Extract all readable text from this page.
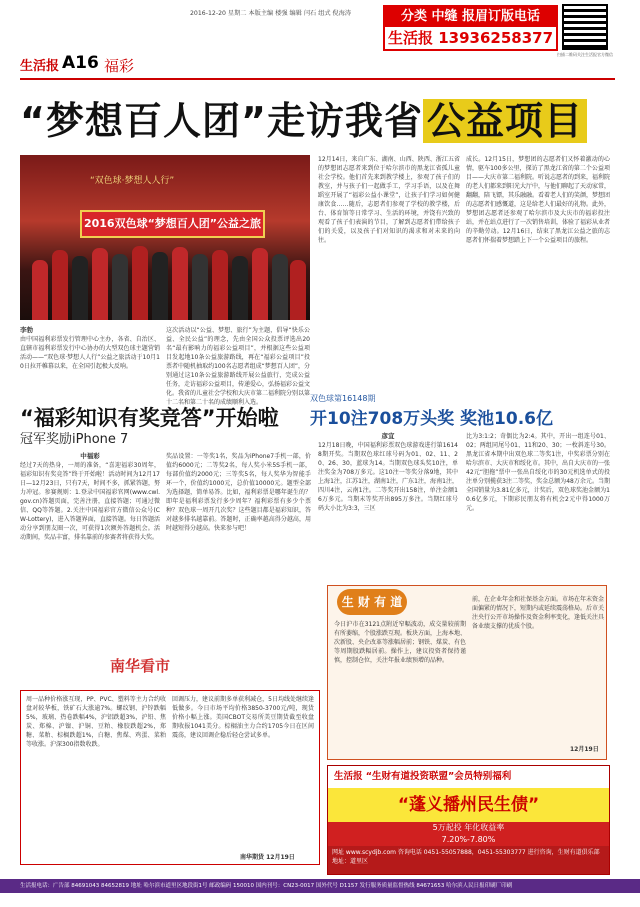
2016-12-20 星期二 本版主编 楼强 编辑 闫石 组式 倪海涛	分类 中缝 报眉订版电话
生活报 13936258377
扫描二维码关注生活报官方微信
生活报 A16 福彩
“梦想百人团”走访我省 公益项目
“双色球·梦想人人行”
2016双色球“梦想百人团”公益之旅
李勃
由中国福利彩票发行管理中心主办，各省、自治区、直辖市福利彩票发行中心协办的大型双色球主题营销活动——“双色球·梦想人人行”公益之旅活动于10月10日拉开帷幕以来，在全国引起极大反响。
这次活动以“公益、梦想、旅行”为主题，倡导“快乐公益、全民公益”的理念，先由全国公众投票评选出20名“最有影响力的福彩公益项目”，并根据这些公益项目发起地10条公益旅游路线，再在“福彩公益项目”投票者中随机抽取约100名志愿者组成“梦想百人团”，分别通过这10条公益旅游路线开展公益旅行，完成公益任务，走访福彩公益项目，传递爱心，弘扬福彩公益文化。我省的儿童社会学校和大庆市第二福利院分别以第十二名和第二十名的成绩顺利入选。
12月14日，来自广东、湖南、山西、陕西、浙江五省的梦想团志愿者来到位于哈尔滨市的黑龙江省孤儿童社会学校。他们首先来到教学楼上，参观了孩子们的教室，并与孩子们一起做手工，学习手语，以及在舞蹈室开展了“福彩公益小课堂”，让孩子们学习如何健康饮食……随后，志愿者们参观了学校的教学楼，后台、体育馆等日常学习、生活的环境，并饶有兴致的观看了孩子们表演的节目，了解到志愿者们带给孩子们的关爱，以及孩子们对知识的渴求和对未来的向往。
成长。12月15日，梦想团的志愿者们又怀着激动的心情，驱车100多公里，探访了黑龙江省的第二个公益项目——大庆市第二福利院。听说志愿者的到来，福利院的老人们都来到阳光大厅中，与他们聊起了天动家常，翻翻，陪飞镖，其乐融融。看着老人们的笑颜，梦想团的志愿者们感慨道，这是给老人们最好的礼物。此外，梦想团志愿者还参观了哈尔滨市及大庆市的福彩投注站，并在站点进行了一次销售培训，体验了福彩从业者的辛勤劳动。12月16日，结束了黑龙江公益之旅的志愿者们怀揣着梦想踏上下一个公益项目的旅程。
“福彩知识有奖竞答”开始啦
冠军奖励iPhone 7
中福彩
经过7天的热身，一周的准备，“喜迎福彩30周年，福彩知识有奖竞答”终于开始啦！活动时间为12月17日—12月23日，只有7天，时间不多，抓紧答题，努力冲冠。参赛规则：1.登录中国福彩官网(www.cwl.gov.cn)答题页面，完善注册，直接答题；可通过微信、QQ等答题。2.关注中国福彩官方微信公众号(CW-Lottery)，进入答题界面，直接答题。每日答题活动分享到朋友圈一次，可获得1次额外答题机会。活动期间，奖品丰富，排名靠前的参赛者将获得大奖。
奖品设置：一等奖1名，奖品为iPhone7手机一部，价值约6000元；二等奖2名，每人奖小米5S手机一部，每部价值约2000元；三等奖5名，每人奖华为智能手环一个，价值约1000元，总价值10000元。题型全部为选择题，简单易答。比如，福利彩票是哪年诞生的？即年是福利彩票发行多少周年？福利彩票有多少个票种？双色球一周开几次奖？这些题目都是福彩知识，答对越多排名越靠前。答题时，正确率越高得分越高，用时越短得分越高。快来参与吧！
双色球第16148期
开10注708万头奖 奖池10.6亿
彦宜
12月18日晚，中国福利彩票双色球游戏进行第16148期开奖。当期双色球红球号码为01、02、11、20、26、30，蓝球为14。当期双色球头奖10注，单注奖金为708万多元。这10注一等奖分落9地，其中上海1注，江苏1注，湖南1注，广东1注，海南1注，四川4注，云南1注。二等奖开出158注，单注金额16万多元。当期末等奖开出895万多注。当期红球号码大小比为3:3，三区
比为3:1:2；奇偶比为2:4。其中，开出一组连号01、02；两组同尾号01、11和20、30；一枚斜连号30。黑龙江省本期中出双色球二等奖1注，中奖彩票分别在哈尔滨市、大庆市和绥化市。其中，出自大庆市的一张42元“胆拖”票中一张出自绥化市的30元机选单式的投注单分别揽获3注二等奖，奖金总额为48万余元。当期全国销量为3.81亿多元，计奖后，双色球奖池金额为10.6亿多元，下期彩民朋友将有机会2元中得1000万元。
南华看市
周一品种价格涨互现，PP、PVC、塑料等主力合约收盘对较华板，铁矿石大涨逾7%。螺纹钢、沪锌跌幅5%，玻璃、热卷跌幅4%，沪铝跌超3%，沪铅、焦炭、郑棉、沪镍、沪铜、豆粕、橡胶跌超2%，郑糖、菜粕、棕榈跌超1%，白糖、焦煤、鸡蛋、菜粕等收涨。沪深300指数收跌。
回调压力，建议前期多单获利减仓，5日均线处继续逢低做多。今日市场平均价格3850-3700元/吨，现货价格小幅上涨。美国CBOT交易所美豆期货截至收盘期收报1041美分。棕榈油主力合约1705今日在区间震荡，建议回调企稳后轻仓尝试多单。
南华期货 12月19日
生 财 有 道
今日沪市在3121点附近窄幅波动，成交量较前期有所萎缩，个股涨跌互现。板块方面，上海本地、次新股、央企改革等涨幅居前；钢铁、煤炭、有色等周期股跌幅居前。操作上，建议投资者保持谨慎，控制仓位，关注年报业绩预增的品种。
前，在企业年金和社保基金方面。市场在年末资金面偏紧的情况下，短期内或延续震荡格局。后市关注央行公开市场操作及资金利率变化，逢低关注具备业绩支撑的优质个股。
12月19日
生活报 “生财有道投资联盟”会员特别福利
“蓬义播州民生债”
5万起投 年化收益率
7.20%-7.80%
网址 www.scydjb.com 咨询电话 0451-55057888，0451-55303777 进行咨询，生财有道俱乐部地址：道里区
生活报电话：广告部 84691043 84652819 地址 哈尔滨市道里区地段街1号 邮政编码 150010 国内刊号：CN23-0017 国外代号 D1157 发行服务质量监督热线 84671653 哈尔滨人民日报印刷厂印刷
